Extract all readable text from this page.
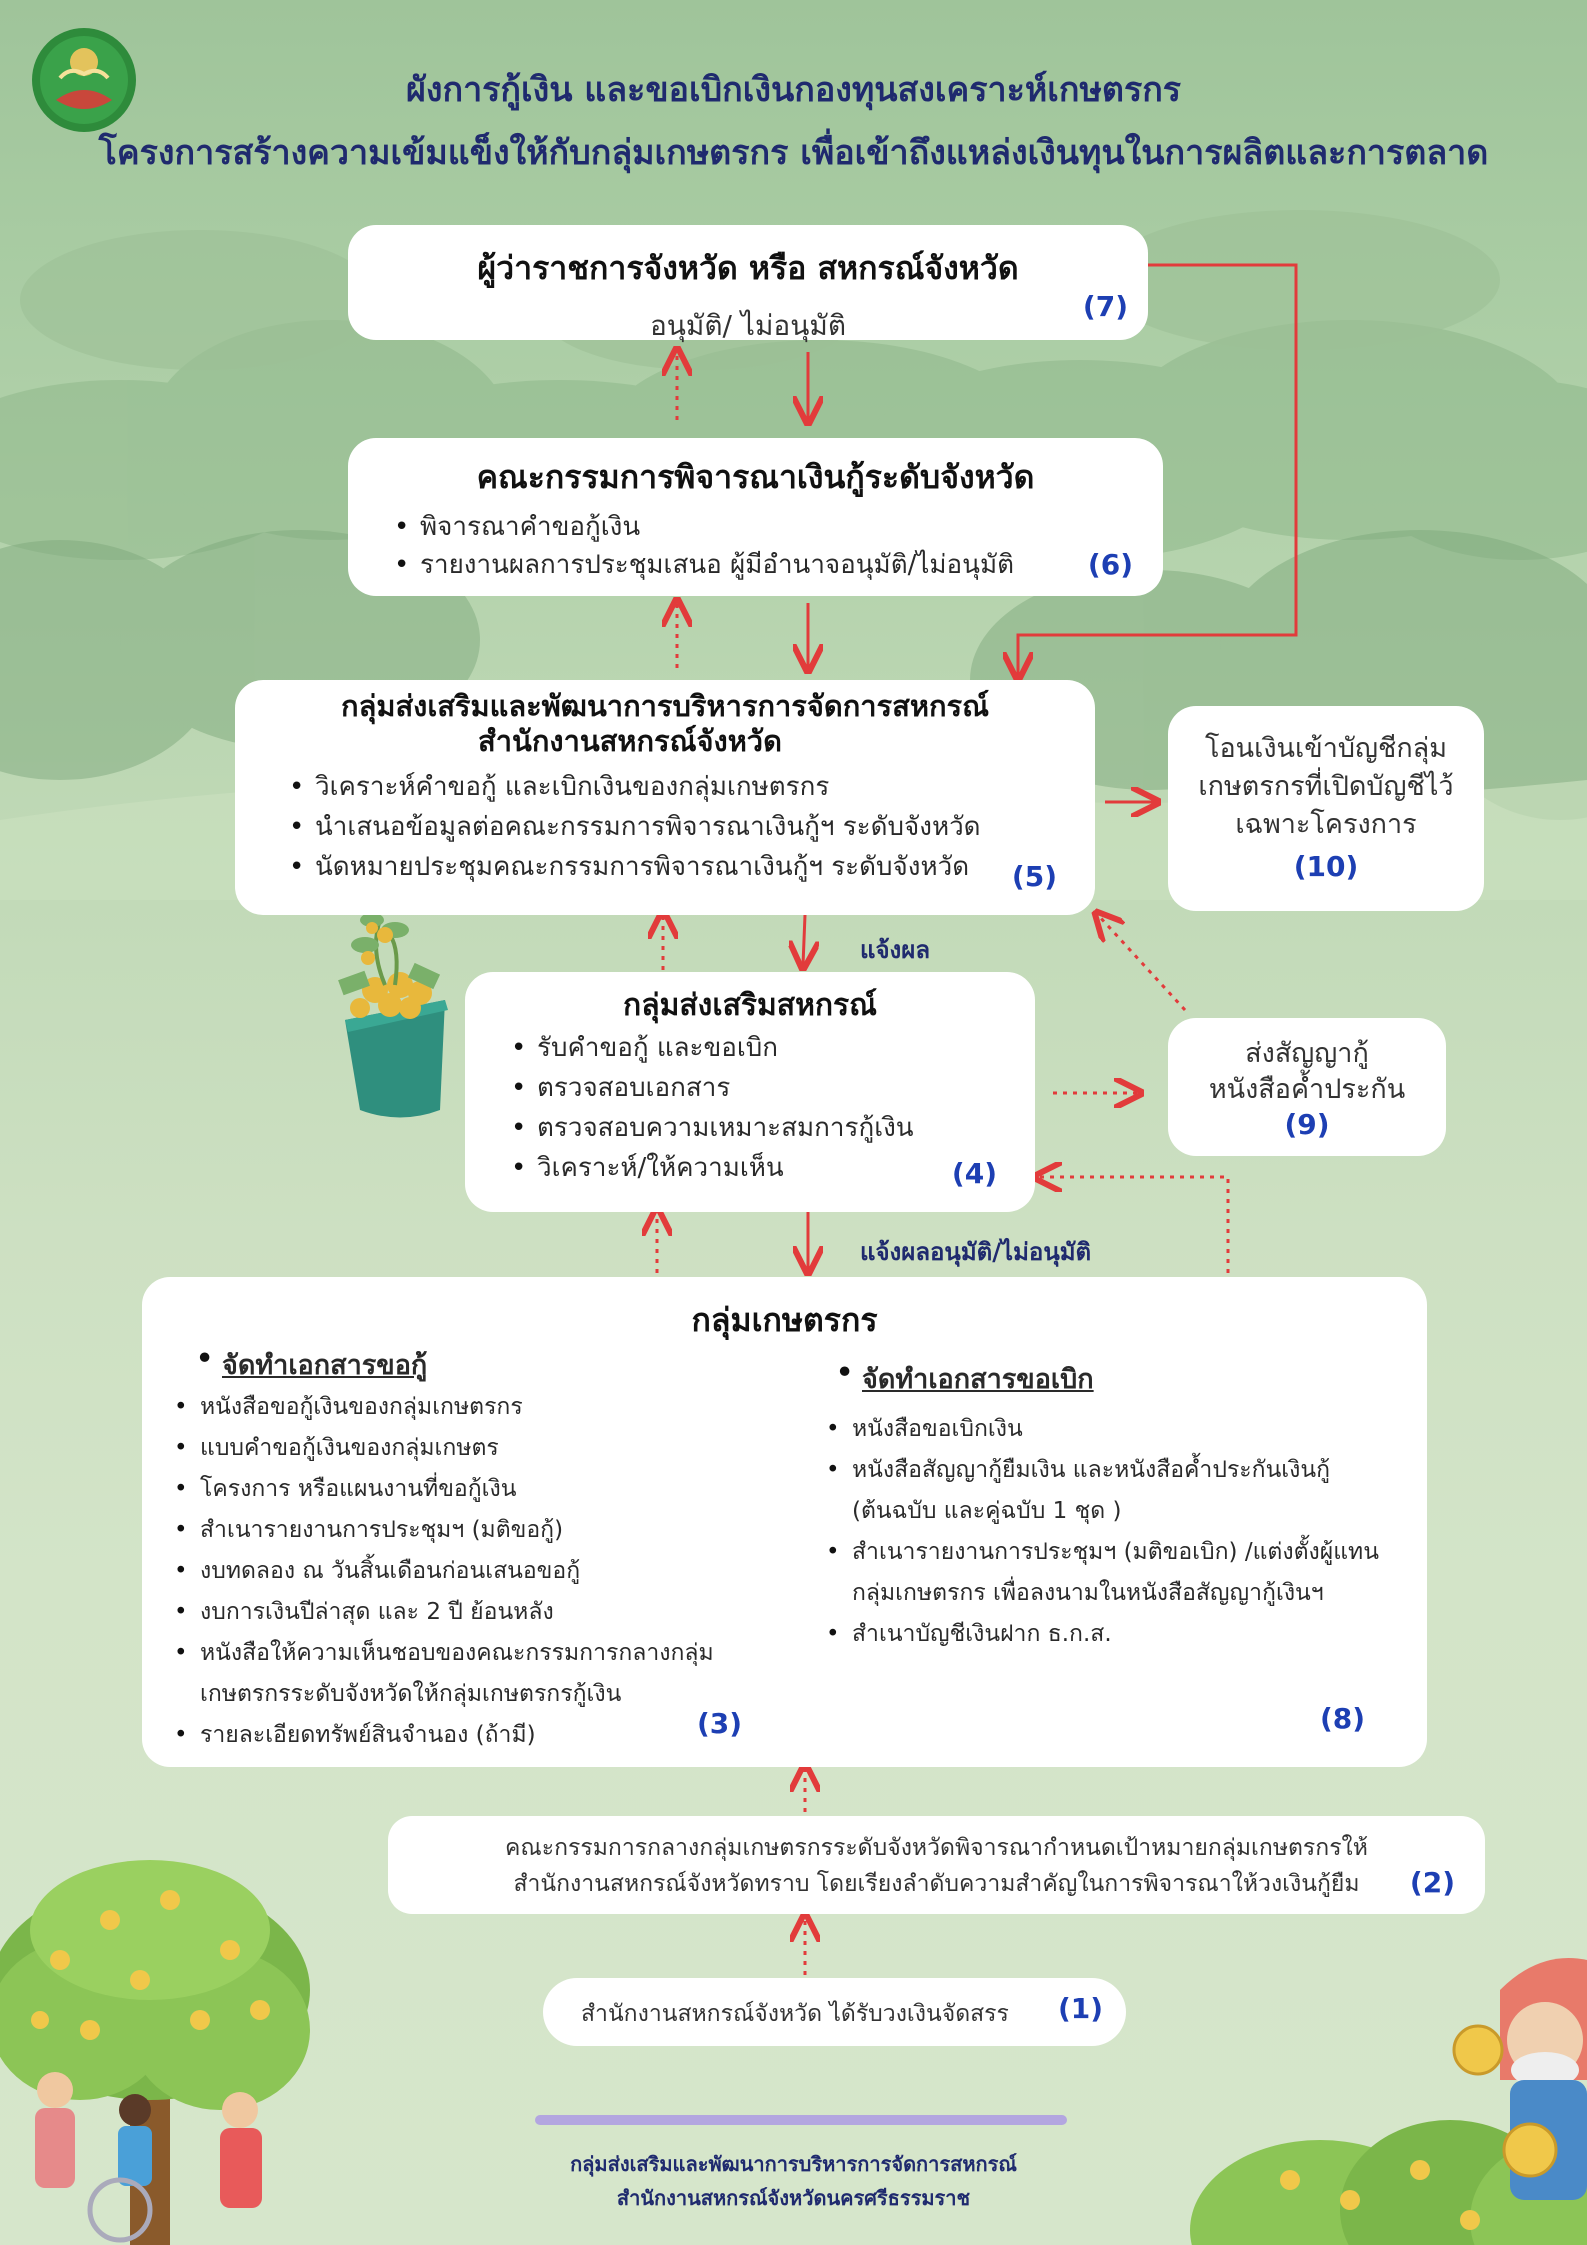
ผังการกู้เงิน และขอเบิกเงินกองทุนสงเคราะห์เกษตรกร
โครงการสร้างความเข้มแข็งให้กับกลุ่มเกษตรกร เพื่อเข้าถึงแหล่งเงินทุนในการผลิตและการตลาด
ผู้ว่าราชการจังหวัด หรือ สหกรณ์จังหวัด
อนุมัติ/ ไม่อนุมัติ
(7)
คณะกรรมการพิจารณาเงินกู้ระดับจังหวัด
• พิจารณาคำขอกู้เงิน
• รายงานผลการประชุมเสนอ ผู้มีอำนาจอนุมัติ/ไม่อนุมัติ	(6)
กลุ่มส่งเสริมและพัฒนาการบริหารการจัดการสหกรณ์
สำนักงานสหกรณ์จังหวัด
• วิเคราะห์คำขอกู้ และเบิกเงินของกลุ่มเกษตรกร
• นำเสนอข้อมูลต่อคณะกรรมการพิจารณาเงินกู้ฯ ระดับจังหวัด
• นัดหมายประชุมคณะกรรมการพิจารณาเงินกู้ฯ ระดับจังหวัด	(5)
โอนเงินเข้าบัญชีกลุ่ม
เกษตรกรที่เปิดบัญชีไว้
เฉพาะโครงการ
(10)
แจ้งผล
กลุ่มส่งเสริมสหกรณ์
• รับคำขอกู้ และขอเบิก
• ตรวจสอบเอกสาร
• ตรวจสอบความเหมาะสมการกู้เงิน
• วิเคราะห์/ให้ความเห็น	(4)
ส่งสัญญากู้
หนังสือค้ำประกัน
(9)
แจ้งผลอนุมัติ/ไม่อนุมัติ
กลุ่มเกษตรกร
• จัดทำเอกสารขอกู้
• หนังสือขอกู้เงินของกลุ่มเกษตรกร
• แบบคำขอกู้เงินของกลุ่มเกษตร
• โครงการ หรือแผนงานที่ขอกู้เงิน
• สำเนารายงานการประชุมฯ (มติขอกู้)
• งบทดลอง ณ วันสิ้นเดือนก่อนเสนอขอกู้
• งบการเงินปีล่าสุด และ 2 ปี ย้อนหลัง
• หนังสือให้ความเห็นชอบของคณะกรรมการกลางกลุ่ม เกษตรกรระดับจังหวัดให้กลุ่มเกษตรกรกู้เงิน
• รายละเอียดทรัพย์สินจำนอง (ถ้ามี)	(3)
• จัดทำเอกสารขอเบิก
• หนังสือขอเบิกเงิน
• หนังสือสัญญากู้ยืมเงิน และหนังสือค้ำประกันเงินกู้ (ต้นฉบับ และคู่ฉบับ 1 ชุด )
• สำเนารายงานการประชุมฯ (มติขอเบิก) /แต่งตั้งผู้แทน กลุ่มเกษตรกร เพื่อลงนามในหนังสือสัญญากู้เงินฯ
• สำเนาบัญชีเงินฝาก ธ.ก.ส.
(8)
คณะกรรมการกลางกลุ่มเกษตรกรระดับจังหวัดพิจารณากำหนดเป้าหมายกลุ่มเกษตรกรให้
สำนักงานสหกรณ์จังหวัดทราบ โดยเรียงลำดับความสำคัญในการพิจารณาให้วงเงินกู้ยืม	(2)
สำนักงานสหกรณ์จังหวัด ได้รับวงเงินจัดสรร (1)
กลุ่มส่งเสริมและพัฒนาการบริหารการจัดการสหกรณ์
สำนักงานสหกรณ์จังหวัดนครศรีธรรมราช
